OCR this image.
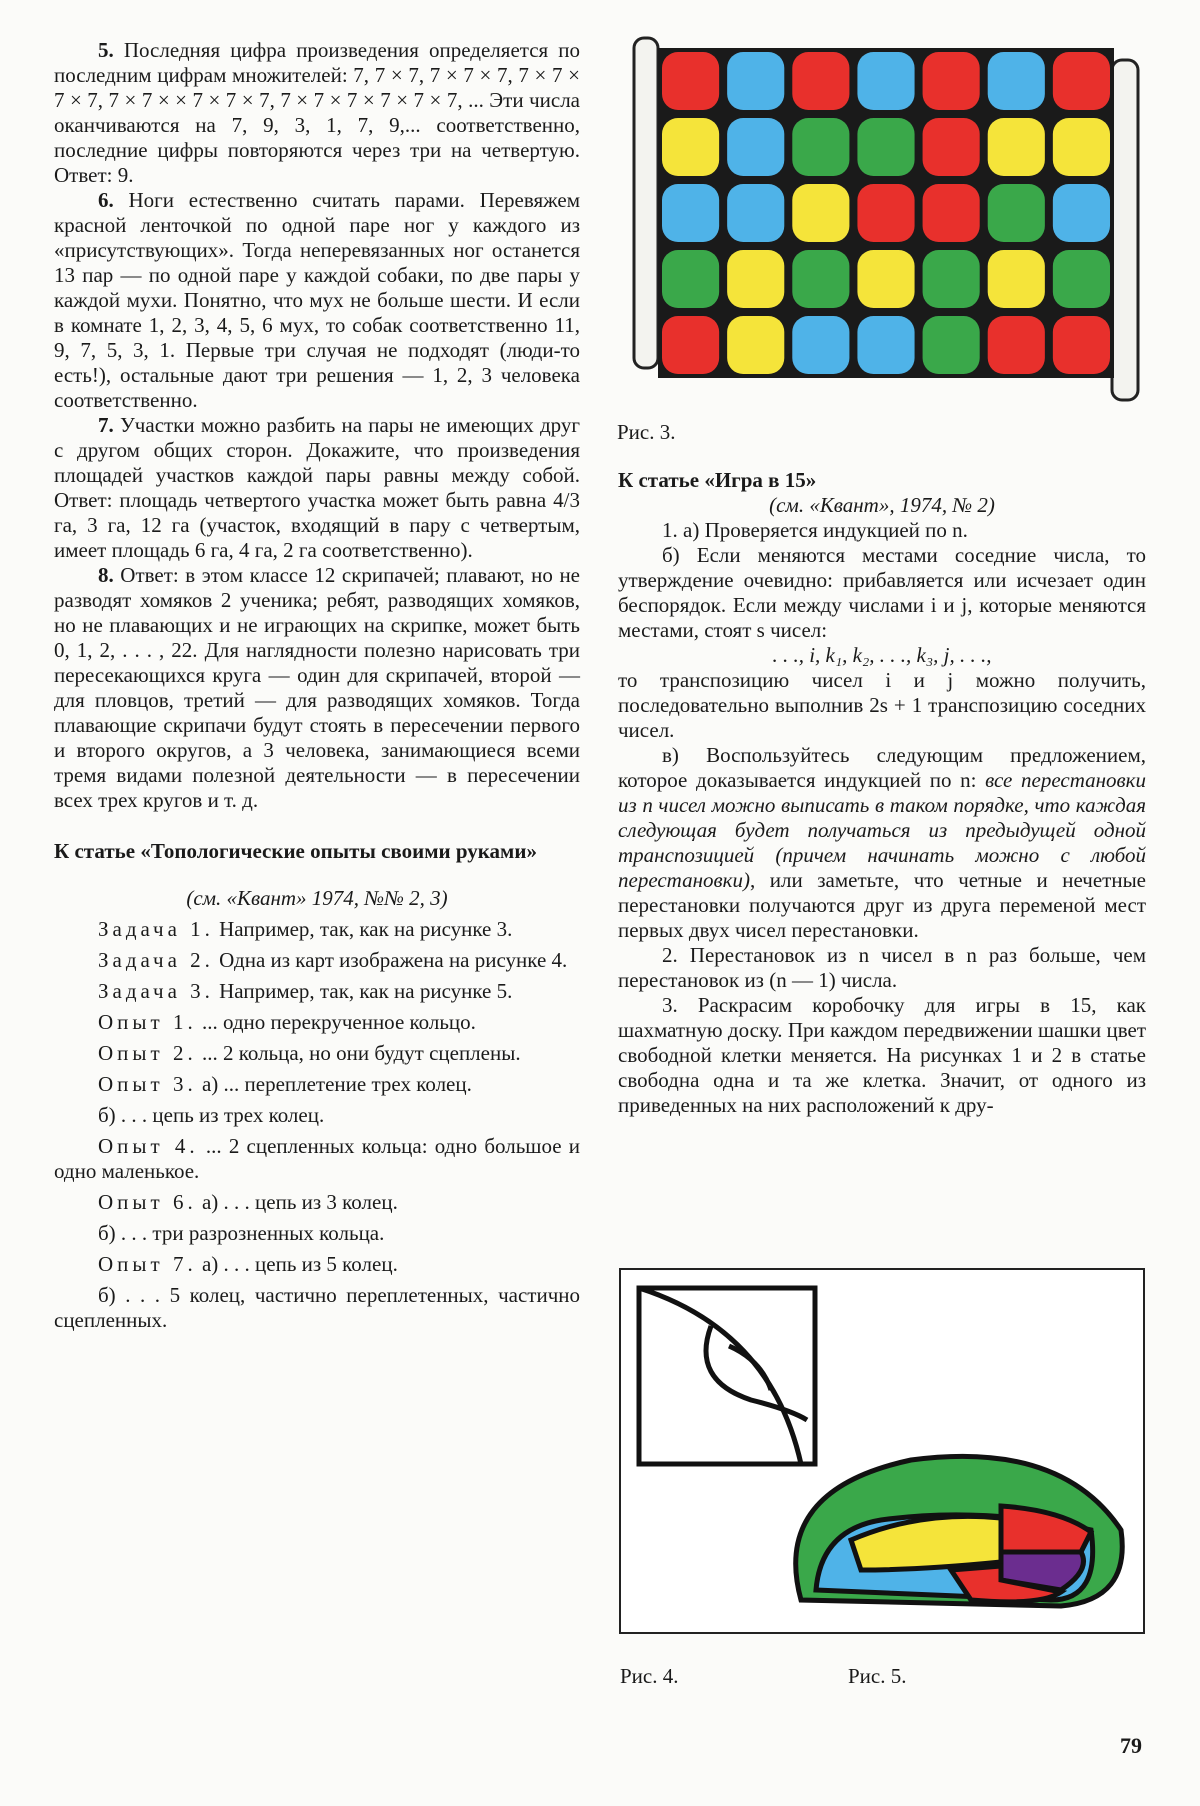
5. Последняя цифра произведения определяется по последним цифрам множителей: 7, 7 × 7, 7 × 7 × 7, 7 × 7 × 7 × 7, 7 × 7 × × 7 × 7 × 7, 7 × 7 × 7 × 7 × 7 × 7, ... Эти числа оканчиваются на 7, 9, 3, 1, 7, 9,... соответственно, последние цифры повторяются через три на четвертую. Ответ: 9.

6. Ноги естественно считать парами. Перевяжем красной ленточкой по одной паре ног у каждого из «присутствующих». Тогда неперевязанных ног останется 13 пар — по одной паре у каждой собаки, по две пары у каждой мухи. Понятно, что мух не больше шести. И если в комнате 1, 2, 3, 4, 5, 6 мух, то собак соответственно 11, 9, 7, 5, 3, 1. Первые три случая не подходят (люди-то есть!), остальные дают три решения — 1, 2, 3 человека соответственно.

7. Участки можно разбить на пары не имеющих друг с другом общих сторон. Докажите, что произведения площадей участков каждой пары равны между собой. Ответ: площадь четвертого участка может быть равна 4/3 га, 3 га, 12 га (участок, входящий в пару с четвертым, имеет площадь 6 га, 4 га, 2 га соответственно).

8. Ответ: в этом классе 12 скрипачей; плавают, но не разводят хомяков 2 ученика; ребят, разводящих хомяков, но не плавающих и не играющих на скрипке, может быть 0, 1, 2, . . . , 22. Для наглядности полезно нарисовать три пересекающихся круга — один для скрипачей, второй — для пловцов, третий — для разводящих хомяков. Тогда плавающие скрипачи будут стоять в пересечении первого и второго округов, а 3 человека, занимающиеся всеми тремя видами полезной деятельности — в пересечении всех трех кругов и т. д.

К статье «Топологические опыты своими руками»

(см. «Квант» 1974, №№ 2, 3)

Задача 1. Например, так, как на рисунке 3.

Задача 2. Одна из карт изображена на рисунке 4.

Задача 3. Например, так, как на рисунке 5.

Опыт 1. ... одно перекрученное кольцо.

Опыт 2. ... 2 кольца, но они будут сцеплены.

Опыт 3. а) ... переплетение трех колец.

б) . . . цепь из трех колец.

Опыт 4. ... 2 сцепленных кольца: одно большое и одно маленькое.

Опыт 6. а) . . . цепь из 3 колец.

б) . . . три разрозненных кольца.

Опыт 7. а) . . . цепь из 5 колец.

б) . . . 5 колец, частично переплетенных, частично сцепленных.

Рис. 3.

К статье «Игра в 15»

(см. «Квант», 1974, № 2)

1. а) Проверяется индукцией по n.

б) Если меняются местами соседние числа, то утверждение очевидно: прибавляется или исчезает один беспорядок. Если между числами i и j, которые меняются местами, стоят s чисел:

. . ., i, k₁, k₂, . . ., k₃, j, . . .,

то транспозицию чисел i и j можно получить, последовательно выполнив 2s + 1 транспозицию соседних чисел.

в) Воспользуйтесь следующим предложением, которое доказывается индукцией по n: все перестановки из n чисел можно выписать в таком порядке, что каждая следующая будет получаться из предыдущей одной транспозицией (причем начинать можно с любой перестановки), или заметьте, что четные и нечетные перестановки получаются друг из друга переменой мест первых двух чисел перестановки.

2. Перестановок из n чисел в n раз больше, чем перестановок из (n — 1) числа.

3. Раскрасим коробочку для игры в 15, как шахматную доску. При каждом передвижении шашки цвет свободной клетки меняется. На рисунках 1 и 2 в статье свободна одна и та же клетка. Значит, от одного из приведенных на них расположений к дру-

Рис. 4.	Рис. 5.
79
